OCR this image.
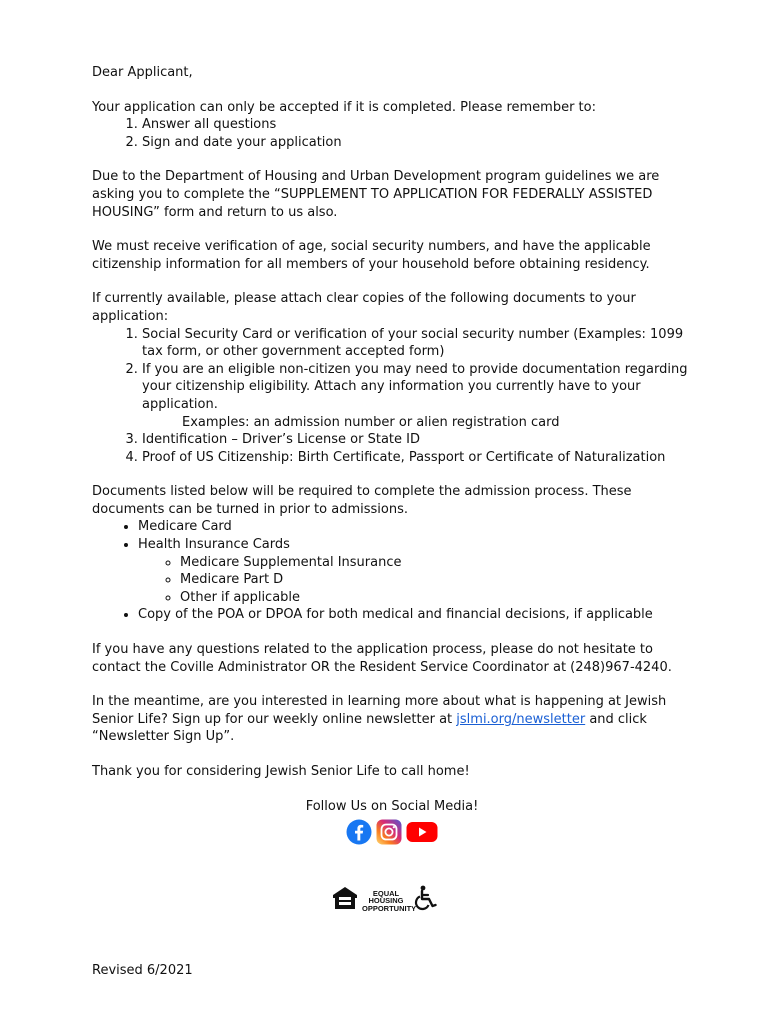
Dear Applicant,

Your application can only be accepted if it is completed. Please remember to:

1. Answer all questions
2. Sign and date your application

Due to the Department of Housing and Urban Development program guidelines we are asking you to complete the “SUPPLEMENT TO APPLICATION FOR FEDERALLY ASSISTED HOUSING” form and return to us also.

We must receive verification of age, social security numbers, and have the applicable citizenship information for all members of your household before obtaining residency.

If currently available, please attach clear copies of the following documents to your application:

1. Social Security Card or verification of your social security number (Examples: 1099 tax form, or other government accepted form)
2. If you are an eligible non-citizen you may need to provide documentation regarding your citizenship eligibility. Attach any information you currently have to your application.
Examples: an admission number or alien registration card
3. Identification – Driver’s License or State ID
4. Proof of US Citizenship: Birth Certificate, Passport or Certificate of Naturalization

Documents listed below will be required to complete the admission process. These documents can be turned in prior to admissions.

• Medicare Card
• Health Insurance Cards
◦ Medicare Supplemental Insurance
◦ Medicare Part D
◦ Other if applicable
• Copy of the POA or DPOA for both medical and financial decisions, if applicable

If you have any questions related to the application process, please do not hesitate to contact the Coville Administrator OR the Resident Service Coordinator at (248)967-4240.

In the meantime, are you interested in learning more about what is happening at Jewish Senior Life? Sign up for our weekly online newsletter at jslmi.org/newsletter and click “Newsletter Sign Up”.

Thank you for considering Jewish Senior Life to call home!

Follow Us on Social Media!

EQUAL HOUSING OPPORTUNITY
Revised 6/2021
